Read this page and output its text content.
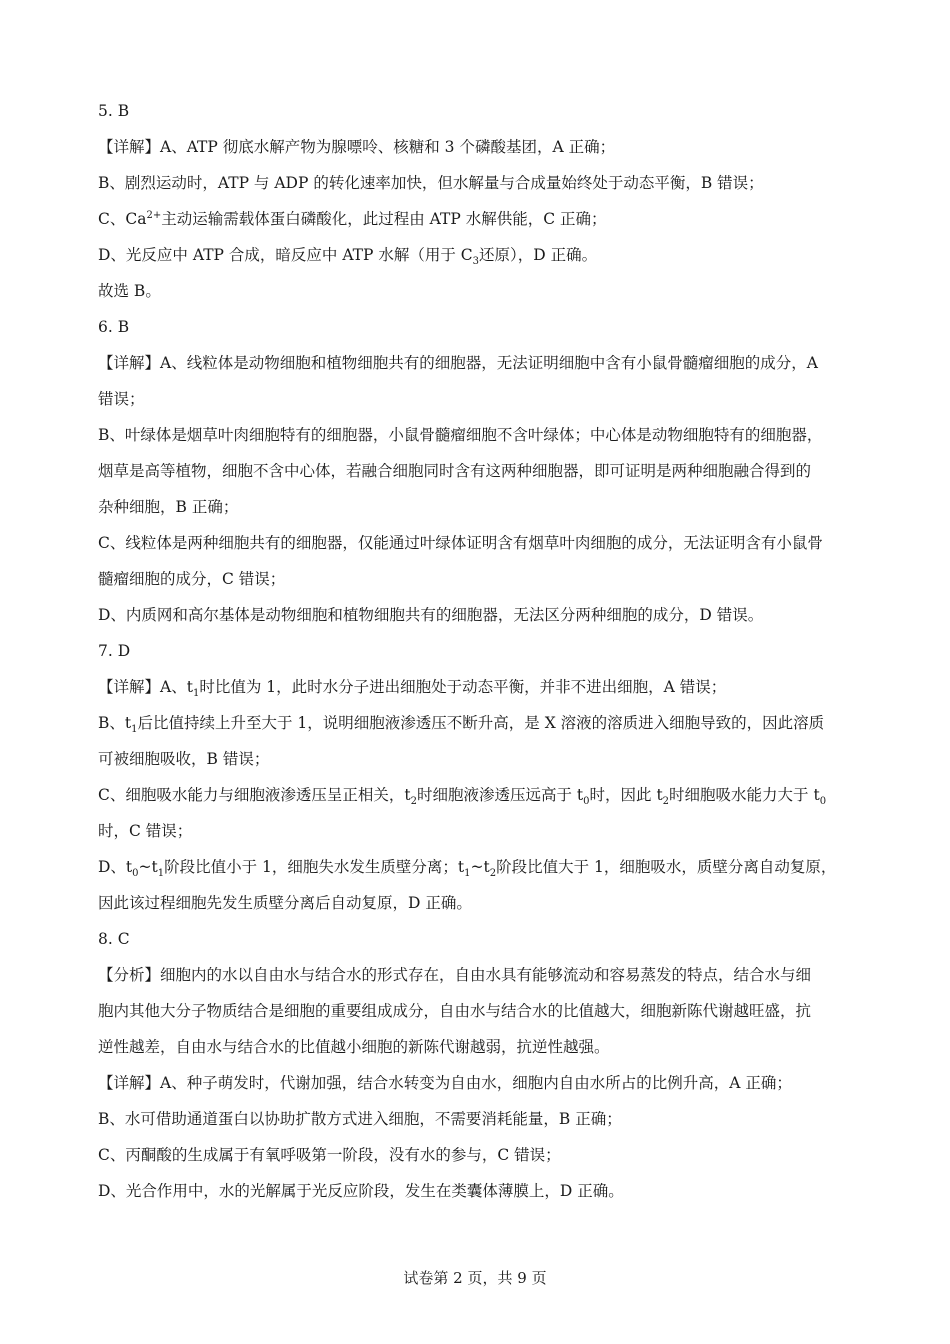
5. B
【详解】A、ATP 彻底水解产物为腺嘌呤、核糖和 3 个磷酸基团，A 正确；
B、剧烈运动时，ATP 与 ADP 的转化速率加快，但水解量与合成量始终处于动态平衡，B 错误；
C、$Ca^{2+}$主动运输需载体蛋白磷酸化，此过程由 ATP 水解供能，C 正确；
D、光反应中 ATP 合成，暗反应中 ATP 水解（用于 $C_3$还原），D 正确。
故选 B。
6. B
【详解】A、线粒体是动物细胞和植物细胞共有的细胞器，无法证明细胞中含有小鼠骨髓瘤细胞的成分，A
错误；
B、叶绿体是烟草叶肉细胞特有的细胞器，小鼠骨髓瘤细胞不含叶绿体；中心体是动物细胞特有的细胞器，
烟草是高等植物，细胞不含中心体，若融合细胞同时含有这两种细胞器，即可证明是两种细胞融合得到的
杂种细胞，B 正确；
C、线粒体是两种细胞共有的细胞器，仅能通过叶绿体证明含有烟草叶肉细胞的成分，无法证明含有小鼠骨
髓瘤细胞的成分，C 错误；
D、内质网和高尔基体是动物细胞和植物细胞共有的细胞器，无法区分两种细胞的成分，D 错误。
7. D
【详解】A、$t_1$时比值为 1，此时水分子进出细胞处于动态平衡，并非不进出细胞，A 错误；
B、$t_1$后比值持续上升至大于 1，说明细胞液渗透压不断升高，是 X 溶液的溶质进入细胞导致的，因此溶质
可被细胞吸收，B 错误；
C、细胞吸水能力与细胞液渗透压呈正相关，$t_2$时细胞液渗透压远高于 $t_0$时，因此 $t_2$时细胞吸水能力大于 $t_0$
时，C 错误；
D、$t_0\sim t_1$阶段比值小于 1，细胞失水发生质壁分离；$t_1\sim t_2$阶段比值大于 1，细胞吸水，质壁分离自动复原，
因此该过程细胞先发生质壁分离后自动复原，D 正确。
8. C
【分析】细胞内的水以自由水与结合水的形式存在，自由水具有能够流动和容易蒸发的特点，结合水与细
胞内其他大分子物质结合是细胞的重要组成成分，自由水与结合水的比值越大，细胞新陈代谢越旺盛，抗
逆性越差，自由水与结合水的比值越小细胞的新陈代谢越弱，抗逆性越强。
【详解】A、种子萌发时，代谢加强，结合水转变为自由水，细胞内自由水所占的比例升高，A 正确；
B、水可借助通道蛋白以协助扩散方式进入细胞，不需要消耗能量，B 正确；
C、丙酮酸的生成属于有氧呼吸第一阶段，没有水的参与，C 错误；
D、光合作用中，水的光解属于光反应阶段，发生在类囊体薄膜上，D 正确。
试卷第 2 页，共 9 页
